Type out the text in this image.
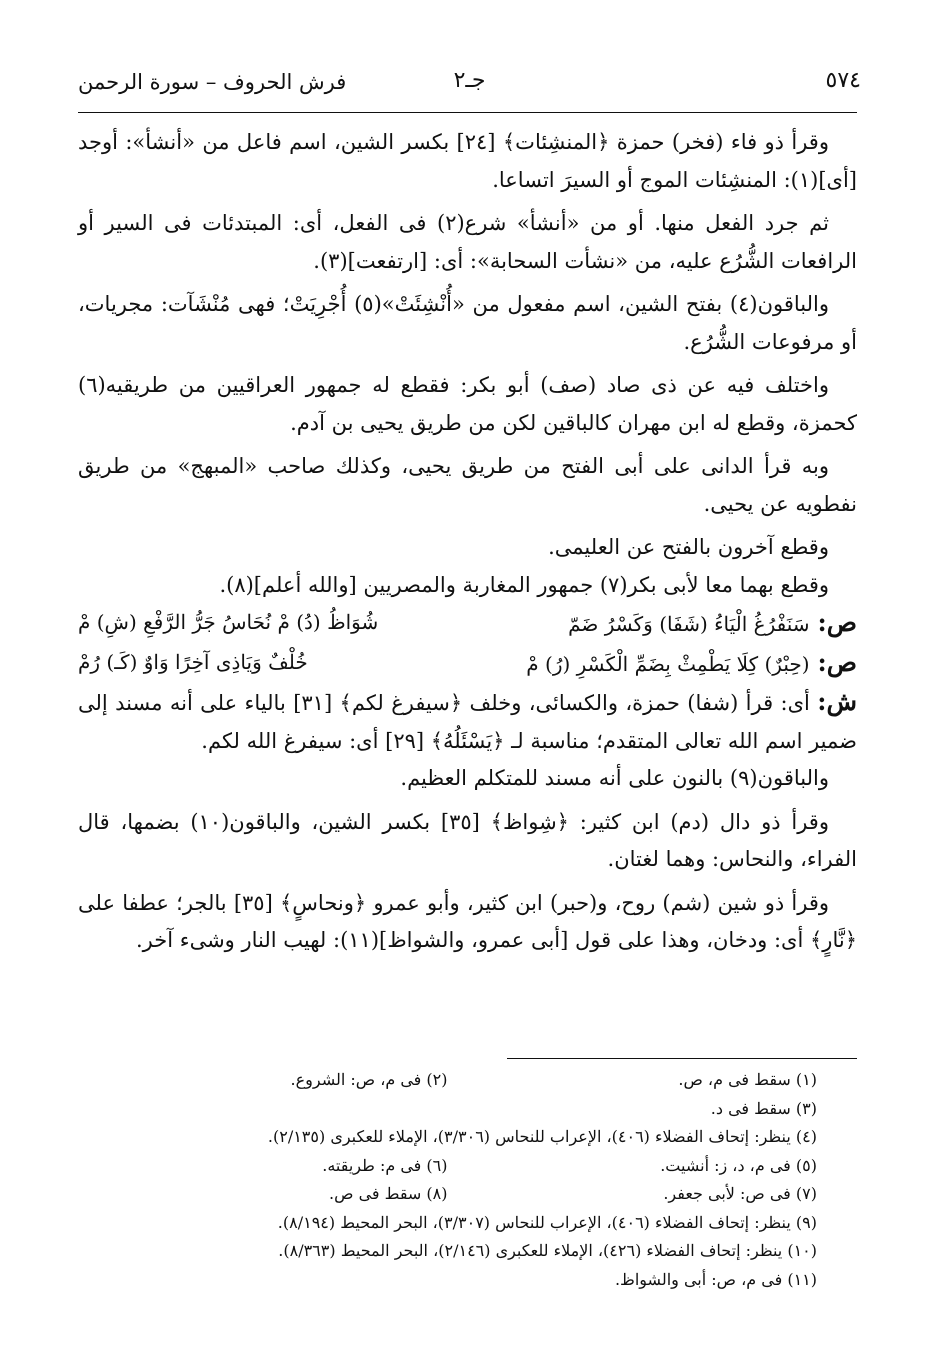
٥٧٤
جـ٢
فرش الحروف – سورة الرحمن

وقرأ ذو فاء (فخر) حمزة ﴿المنشِئات﴾ [٢٤] بكسر الشين، اسم فاعل من «أنشأ»: أوجد [أى](١): المنشِئات الموج أو السيرَ اتساعا.

ثم جرد الفعل منها. أو من «أنشأ» شرع(٢) فى الفعل، أى: المبتدئات فى السير أو الرافعات الشُّرُع عليه، من «نشأت السحابة»: أى: [ارتفعت](٣).

والباقون(٤) بفتح الشين، اسم مفعول من «أُنْشِئَتْ»(٥) أُجْرِيَتْ؛ فهى مُنْشَآت: مجريات، أو مرفوعات الشُّرُع.

واختلف فيه عن ذى صاد (صف) أبو بكر: فقطع له جمهور العراقيين من طريقيه(٦) كحمزة، وقطع له ابن مهران كالباقين لكن من طريق يحيى بن آدم.

وبه قرأ الدانى على أبى الفتح من طريق يحيى، وكذلك صاحب «المبهج» من طريق نفطويه عن يحيى.

وقطع آخرون بالفتح عن العليمى.

وقطع بهما معا لأبى بكر(٧) جمهور المغاربة والمصريين [والله أعلم](٨).

ص:سَنَفْرُغُ الْيَاءُ (شَفَا) وَكَسْرُ ضَمّ
شُوَاظُ (دُ) مْ نُحَاسُ جَرُّ الرَّفْعِ (شِ) مْ
ص:(حِبْرٌ) كِلَا يَطْمِثْ بِضَمِّ الْكَسْرِ (رُ) مْ
خُلْفٌ وَيَاذِى آخِرًا وَاوٌ (كَـ) رُمْ

ش: أى: قرأ (شفا) حمزة، والكسائى، وخلف ﴿سيفرغ لكم﴾ [٣١] بالياء على أنه مسند إلى ضمير اسم الله تعالى المتقدم؛ مناسبة لـ ﴿يَسْئَلُهُ﴾ [٢٩] أى: سيفرغ الله لكم.

والباقون(٩) بالنون على أنه مسند للمتكلم العظيم.

وقرأ ذو دال (دم) ابن كثير: ﴿شِواظ﴾ [٣٥] بكسر الشين، والباقون(١٠) بضمها، قال الفراء، والنحاس: وهما لغتان.

وقرأ ذو شين (شم) روح، و(حبر) ابن كثير، وأبو عمرو ﴿ونحاسٍ﴾ [٣٥] بالجر؛ عطفا على ﴿نَّارٍ﴾ أى: ودخان، وهذا على قول [أبى عمرو، والشواظ](١١): لهيب النار وشىء آخر.

(١) سقط فى م، ص.
(٢) فى م، ص: الشروع.
(٣) سقط فى د.
(٤) ينظر: إتحاف الفضلاء (٤٠٦)، الإعراب للنحاس (٣/٣٠٦)، الإملاء للعكبرى (٢/١٣٥).
(٥) فى م، د، ز: أنشيت.
(٦) فى م: طريقته.
(٧) فى ص: لأبى جعفر.
(٨) سقط فى ص.
(٩) ينظر: إتحاف الفضلاء (٤٠٦)، الإعراب للنحاس (٣/٣٠٧)، البحر المحيط (٨/١٩٤).
(١٠) ينظر: إتحاف الفضلاء (٤٢٦)، الإملاء للعكبرى (٢/١٤٦)، البحر المحيط (٨/٣٦٣).
(١١) فى م، ص: أبى والشواظ.
